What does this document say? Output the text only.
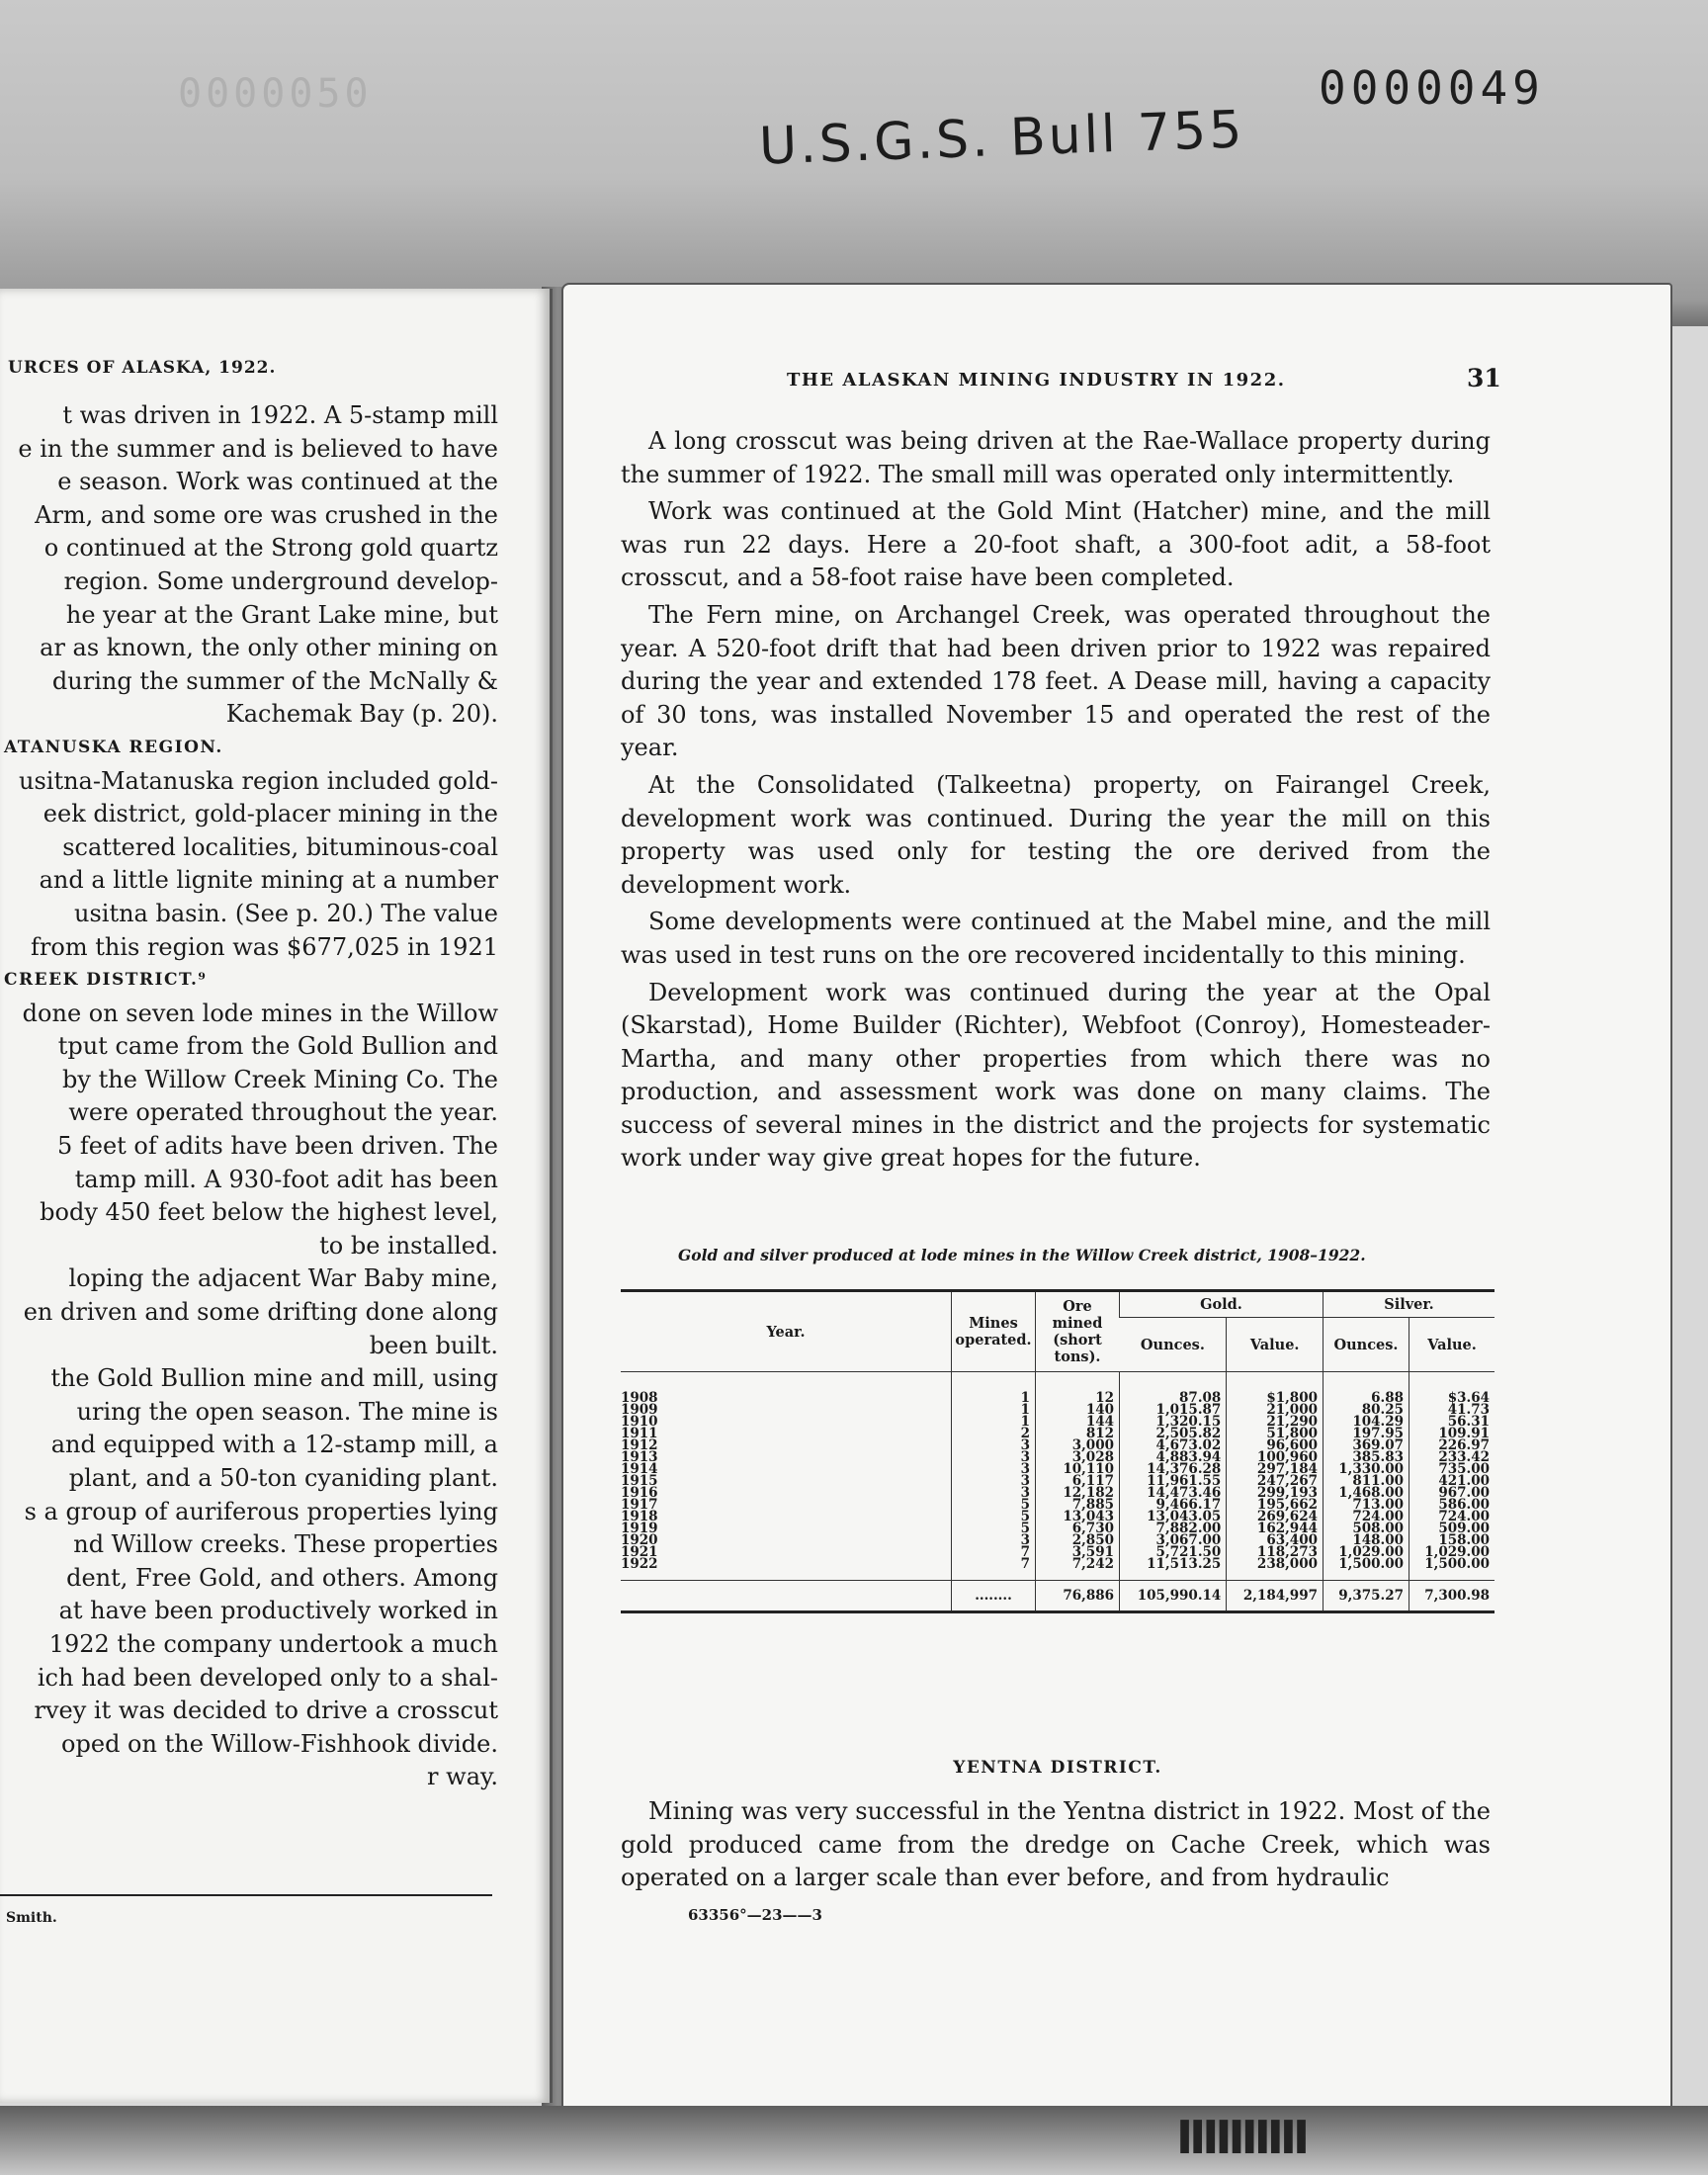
0000050	0000049
U.S.G.S. Bull 755
URCES OF ALASKA, 1922.
t was driven in 1922. A 5-stamp mill
e in the summer and is believed to have
e season. Work was continued at the
Arm, and some ore was crushed in the
o continued at the Strong gold quartz
region. Some underground develop-
he year at the Grant Lake mine, but
ar as known, the only other mining on
during the summer of the McNally &
Kachemak Bay (p. 20).
ATANUSKA REGION.
usitna-Matanuska region included gold-
eek district, gold-placer mining in the
scattered localities, bituminous-coal
and a little lignite mining at a number
usitna basin. (See p. 20.) The value
from this region was $677,025 in 1921
CREEK DISTRICT.⁹
done on seven lode mines in the Willow
tput came from the Gold Bullion and
by the Willow Creek Mining Co. The
were operated throughout the year.
5 feet of adits have been driven. The
tamp mill. A 930-foot adit has been
body 450 feet below the highest level,
to be installed.
loping the adjacent War Baby mine,
en driven and some drifting done along
been built.
the Gold Bullion mine and mill, using
uring the open season. The mine is
and equipped with a 12-stamp mill, a
plant, and a 50-ton cyaniding plant.
s a group of auriferous properties lying
nd Willow creeks. These properties
dent, Free Gold, and others. Among
at have been productively worked in
1922 the company undertook a much
ich had been developed only to a shal-
rvey it was decided to drive a crosscut
oped on the Willow-Fishhook divide.
r way.
Smith.
THE ALASKAN MINING INDUSTRY IN 1922.	31

A long crosscut was being driven at the Rae-Wallace property during the summer of 1922. The small mill was operated only intermittently.

Work was continued at the Gold Mint (Hatcher) mine, and the mill was run 22 days. Here a 20-foot shaft, a 300-foot adit, a 58-foot crosscut, and a 58-foot raise have been completed.

The Fern mine, on Archangel Creek, was operated throughout the year. A 520-foot drift that had been driven prior to 1922 was repaired during the year and extended 178 feet. A Dease mill, having a capacity of 30 tons, was installed November 15 and operated the rest of the year.

At the Consolidated (Talkeetna) property, on Fairangel Creek, development work was continued. During the year the mill on this property was used only for testing the ore derived from the development work.

Some developments were continued at the Mabel mine, and the mill was used in test runs on the ore recovered incidentally to this mining.

Development work was continued during the year at the Opal (Skarstad), Home Builder (Richter), Webfoot (Conroy), Homesteader-Martha, and many other properties from which there was no production, and assessment work was done on many claims. The success of several mines in the district and the projects for systematic work under way give great hopes for the future.

Gold and silver produced at lode mines in the Willow Creek district, 1908–1922.
Year.	Mines operated.	Ore mined (short tons).	Gold.		Silver.	
			Ounces.	Value.	Ounces.	Value.
1908	1	12	87.08	$1,800	6.88	$3.64
1909	1	140	1,015.87	21,000	80.25	41.73
1910	1	144	1,320.15	21,290	104.29	56.31
1911	2	812	2,505.82	51,800	197.95	109.91
1912	3	3,000	4,673.02	96,600	369.07	226.97
1913	3	3,028	4,883.94	100,960	385.83	233.42
1914	3	10,110	14,376.28	297,184	1,330.00	735.00
1915	3	6,117	11,961.55	247,267	811.00	421.00
1916	3	12,182	14,473.46	299,193	1,468.00	967.00
1917	5	7,885	9,466.17	195,662	713.00	586.00
1918	5	13,043	13,043.05	269,624	724.00	724.00
1919	5	6,730	7,882.00	162,944	508.00	509.00
1920	3	2,850	3,067.00	63,400	148.00	158.00
1921	7	3,591	5,721.50	118,273	1,029.00	1,029.00
1922	7	7,242	11,513.25	238,000	1,500.00	1,500.00
	........	76,886	105,990.14	2,184,997	9,375.27	7,300.98
YENTNA DISTRICT.

Mining was very successful in the Yentna district in 1922. Most of the gold produced came from the dredge on Cache Creek, which was operated on a larger scale than ever before, and from hydraulic

63356°—23——3
IIIIIIIIII
